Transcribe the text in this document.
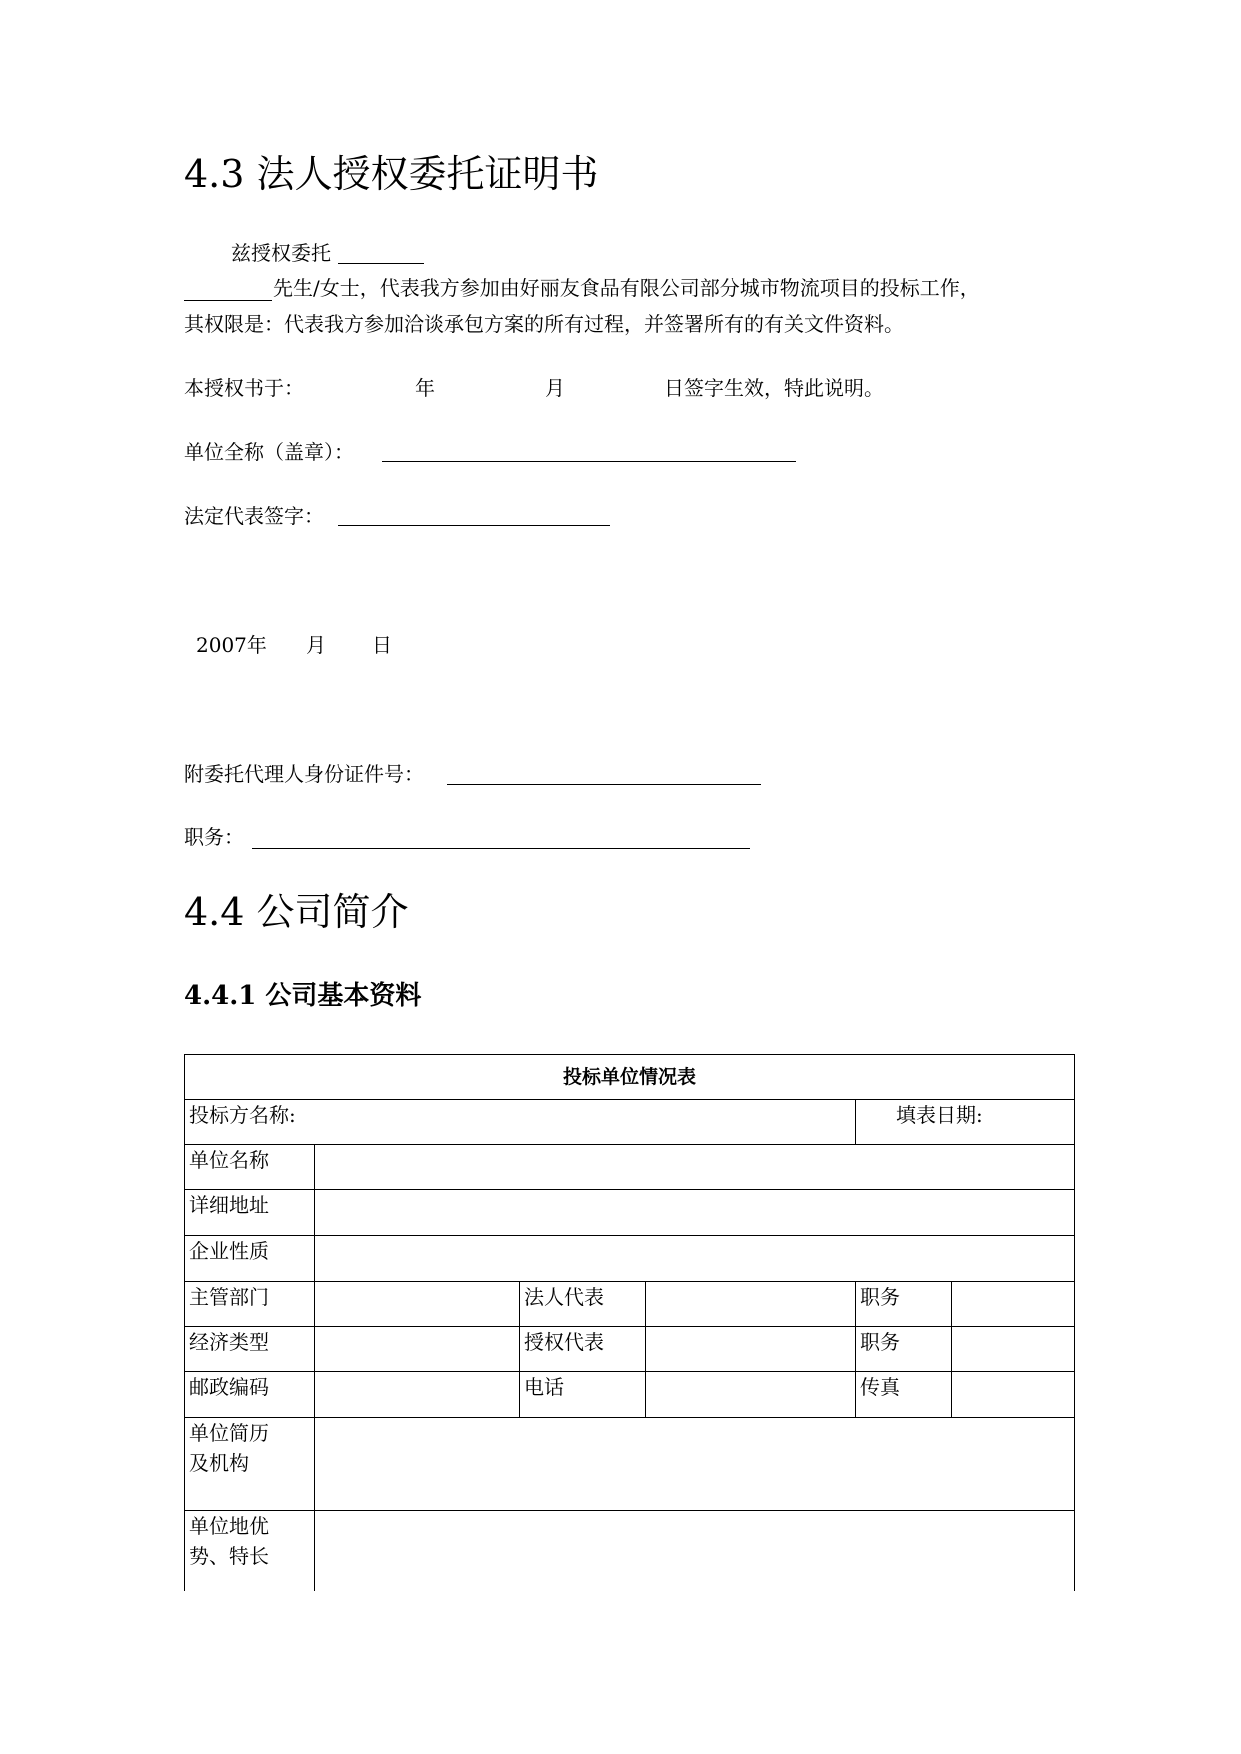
4.3 法人授权委托证明书
兹授权委托
先生/女士，代表我方参加由好丽友食品有限公司部分城市物流项目的投标工作，
其权限是：代表我方参加洽谈承包方案的所有过程，并签署所有的有关文件资料。
本授权书于：	年	月	日签字生效，特此说明。
单位全称（盖章）：
法定代表签字：
2007年 月 日
附委托代理人身份证件号：
职务：
4.4 公司简介
4.4.1 公司基本资料
投标单位情况表					
投标方名称:				填表日期:	
单位名称					
详细地址					
企业性质					
主管部门		法人代表		职务	
经济类型		授权代表		职务	
邮政编码		电话		传真	
单位简历
及机构					
单位地优
势、特长					
